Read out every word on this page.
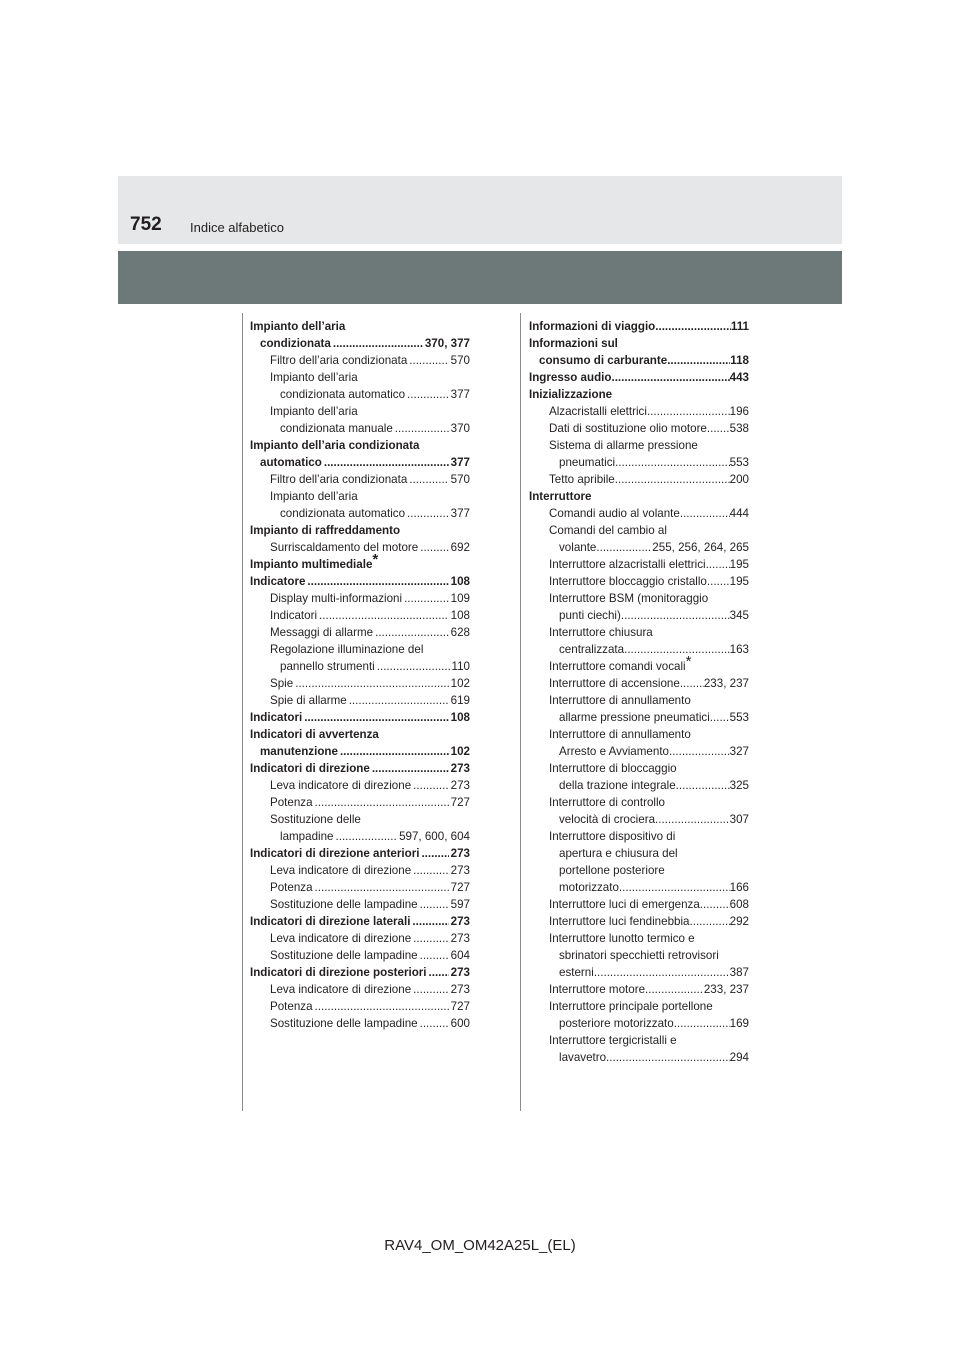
752 Indice alfabetico
Impianto dell’aria
condizionata .....	370, 377
Filtro dell’aria condizionata .....	570
Impianto dell’aria
condizionata automatico .....	377
Impianto dell’aria
condizionata manuale .....	370
Impianto dell’aria condizionata
automatico .....	377
Filtro dell’aria condizionata .....	570
Impianto dell’aria
condizionata automatico .....	377
Impianto di raffreddamento
Surriscaldamento del motore .....	692
Impianto multimediale*
Indicatore .....	108
Display multi-informazioni .....	109
Indicatori .....	108
Messaggi di allarme .....	628
Regolazione illuminazione del
pannello strumenti .....	110
Spie .....	102
Spie di allarme .....	619
Indicatori .....	108
Indicatori di avvertenza
manutenzione .....	102
Indicatori di direzione .....	273
Leva indicatore di direzione .....	273
Potenza .....	727
Sostituzione delle
lampadine .....	597, 600, 604
Indicatori di direzione anteriori .....	273
Leva indicatore di direzione .....	273
Potenza .....	727
Sostituzione delle lampadine .....	597
Indicatori di direzione laterali .....	273
Leva indicatore di direzione .....	273
Sostituzione delle lampadine .....	604
Indicatori di direzione posteriori ..... 273
Leva indicatore di direzione .....	273
Potenza .....	727
Sostituzione delle lampadine .....	600
Informazioni di viaggio .....	111
Informazioni sul
consumo di carburante .....	118
Ingresso audio .....	443
Inizializzazione
Alzacristalli elettrici .....	196
Dati di sostituzione olio motore ..... 538
Sistema di allarme pressione
pneumatici .....	553
Tetto apribile .....	200
Interruttore
Comandi audio al volante .....	444
Comandi del cambio al
volante .....	255, 256, 264, 265
Interruttore alzacristalli elettrici ..... 195
Interruttore bloccaggio cristallo ..... 195
Interruttore BSM (monitoraggio
punti ciechi) .....	345
Interruttore chiusura
centralizzata .....	163
Interruttore comandi vocali*
Interruttore di accensione ..... 233, 237
Interruttore di annullamento
allarme pressione pneumatici ..... 553
Interruttore di annullamento
Arresto e Avviamento .....	327
Interruttore di bloccaggio
della trazione integrale .....	325
Interruttore di controllo
velocità di crociera .....	307
Interruttore dispositivo di
apertura e chiusura del
portellone posteriore
motorizzato .....	166
Interruttore luci di emergenza .....	608
Interruttore luci fendinebbia .....	292
Interruttore lunotto termico e
sbrinatori specchietti retrovisori
esterni .....	387
Interruttore motore .....	233, 237
Interruttore principale portellone
posteriore motorizzato .....	169
Interruttore tergicristalli e
lavavetro .....	294
RAV4_OM_OM42A25L_(EL)
